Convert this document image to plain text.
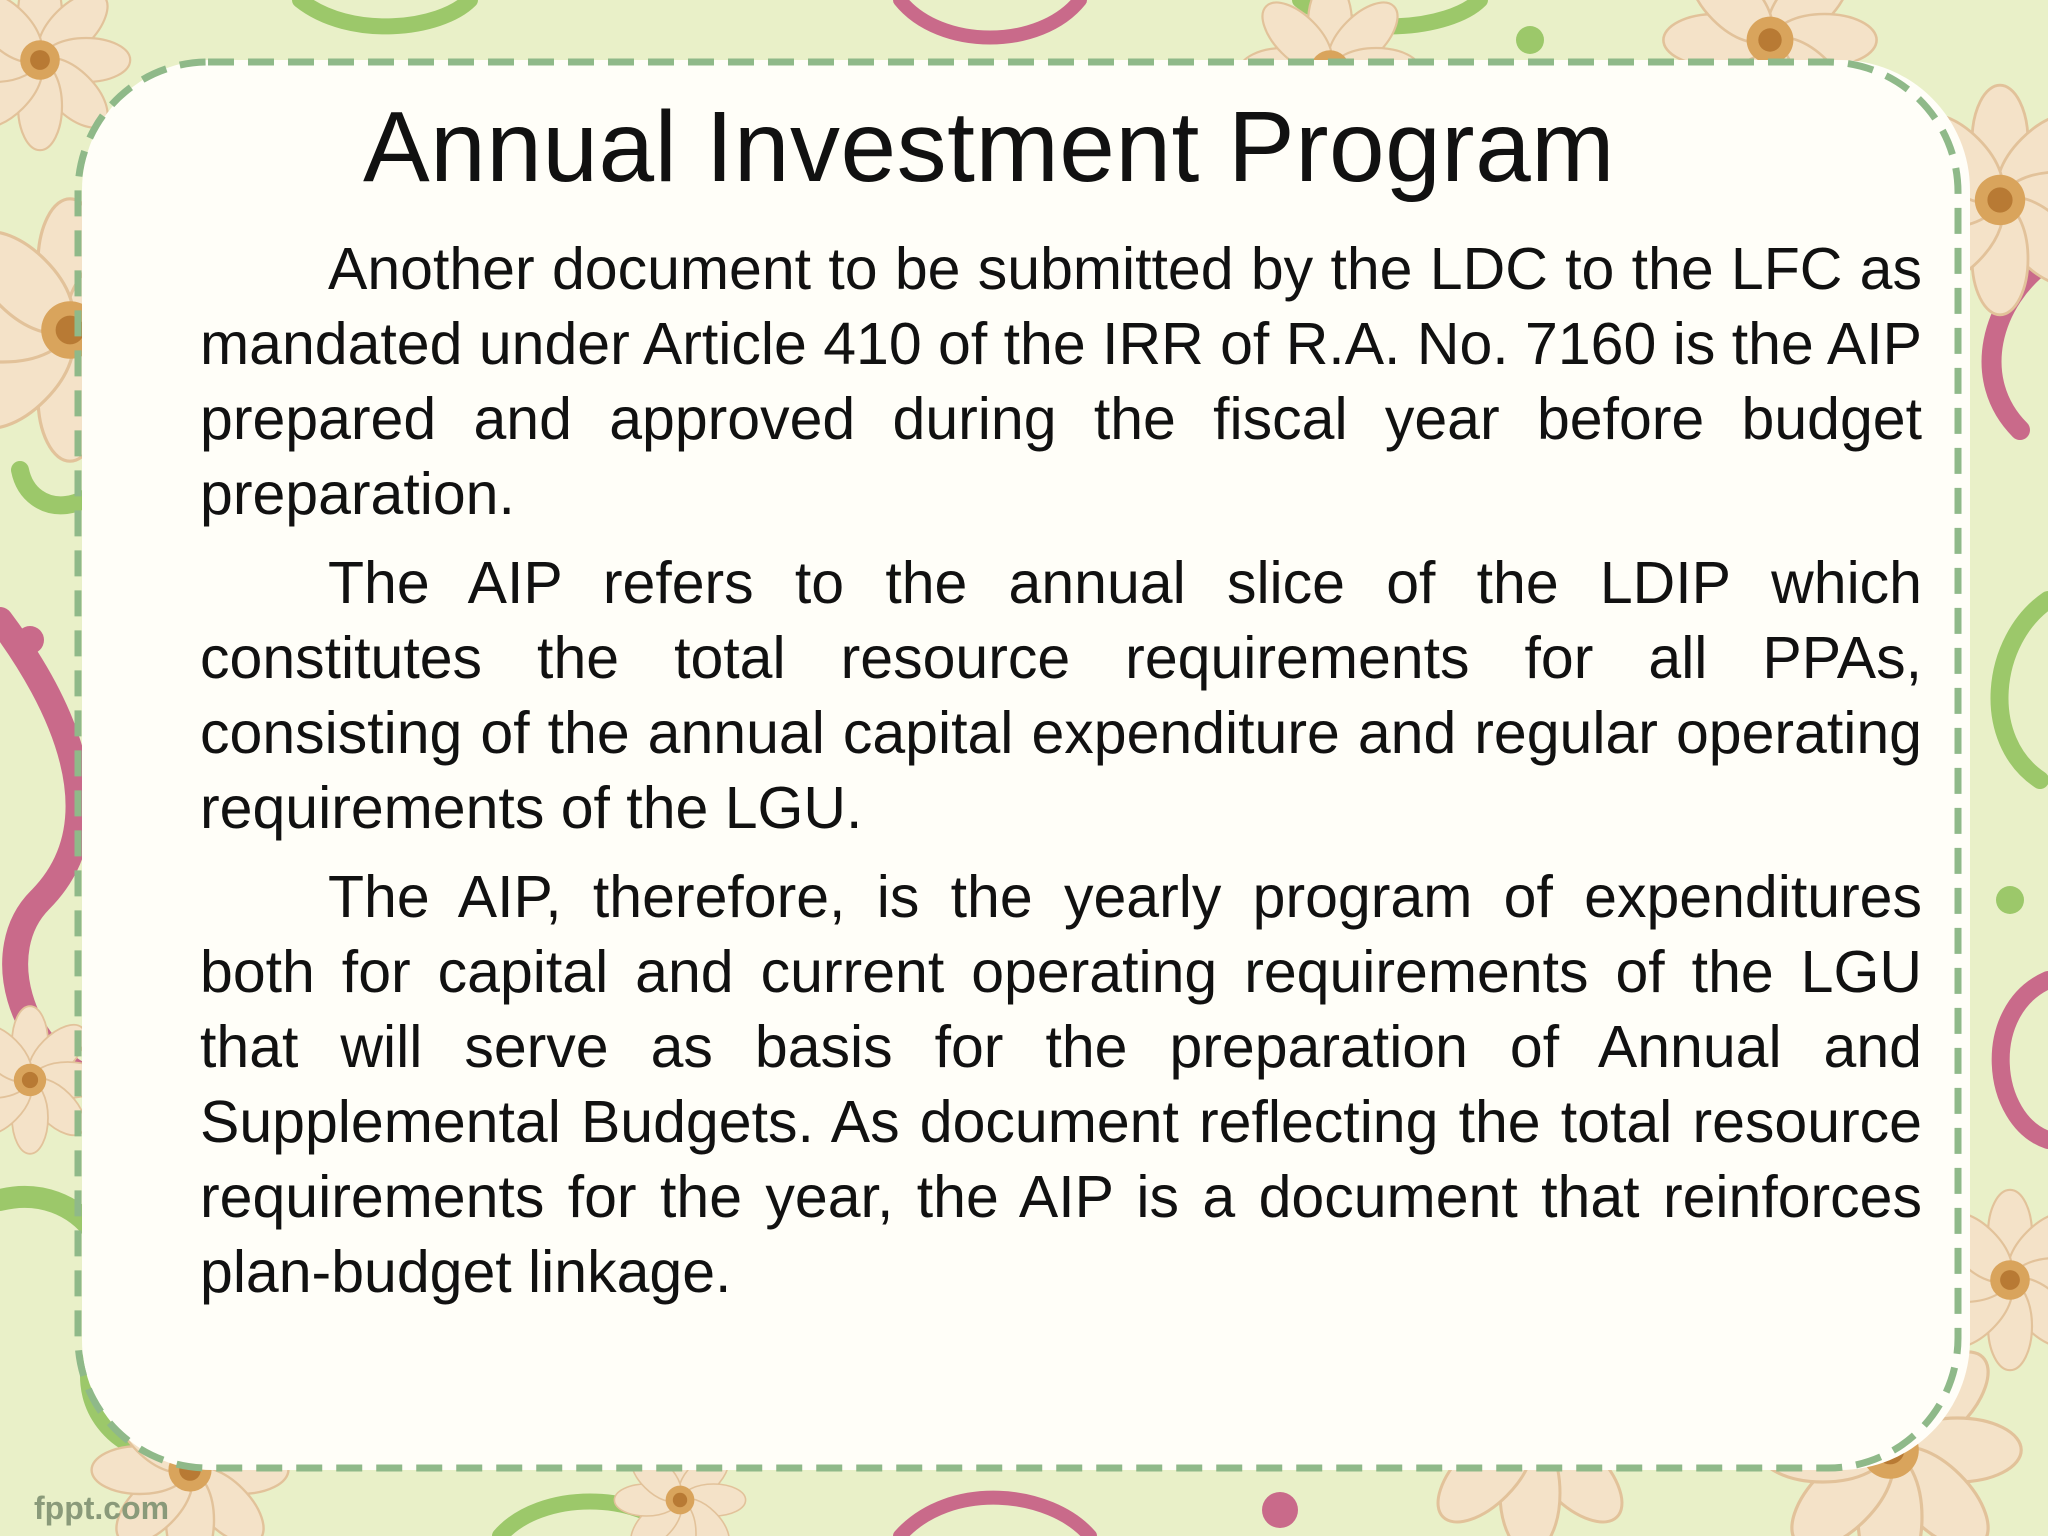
Annual Investment Program

Another document to be submitted by the LDC to the LFC as mandated under Article 410 of the IRR of R.A. No. 7160 is the AIP prepared and approved during the fiscal year before budget preparation.

The AIP refers to the annual slice of the LDIP which constitutes the total resource requirements for all PPAs, consisting of the annual capital expenditure and regular operating requirements of the LGU.

The AIP, therefore, is the yearly program of expenditures both for capital and current operating requirements of the LGU that will serve as basis for the preparation of Annual and Supplemental Budgets. As document reflecting the total resource requirements for the year, the AIP is a document that reinforces plan-budget linkage.

fppt.com
